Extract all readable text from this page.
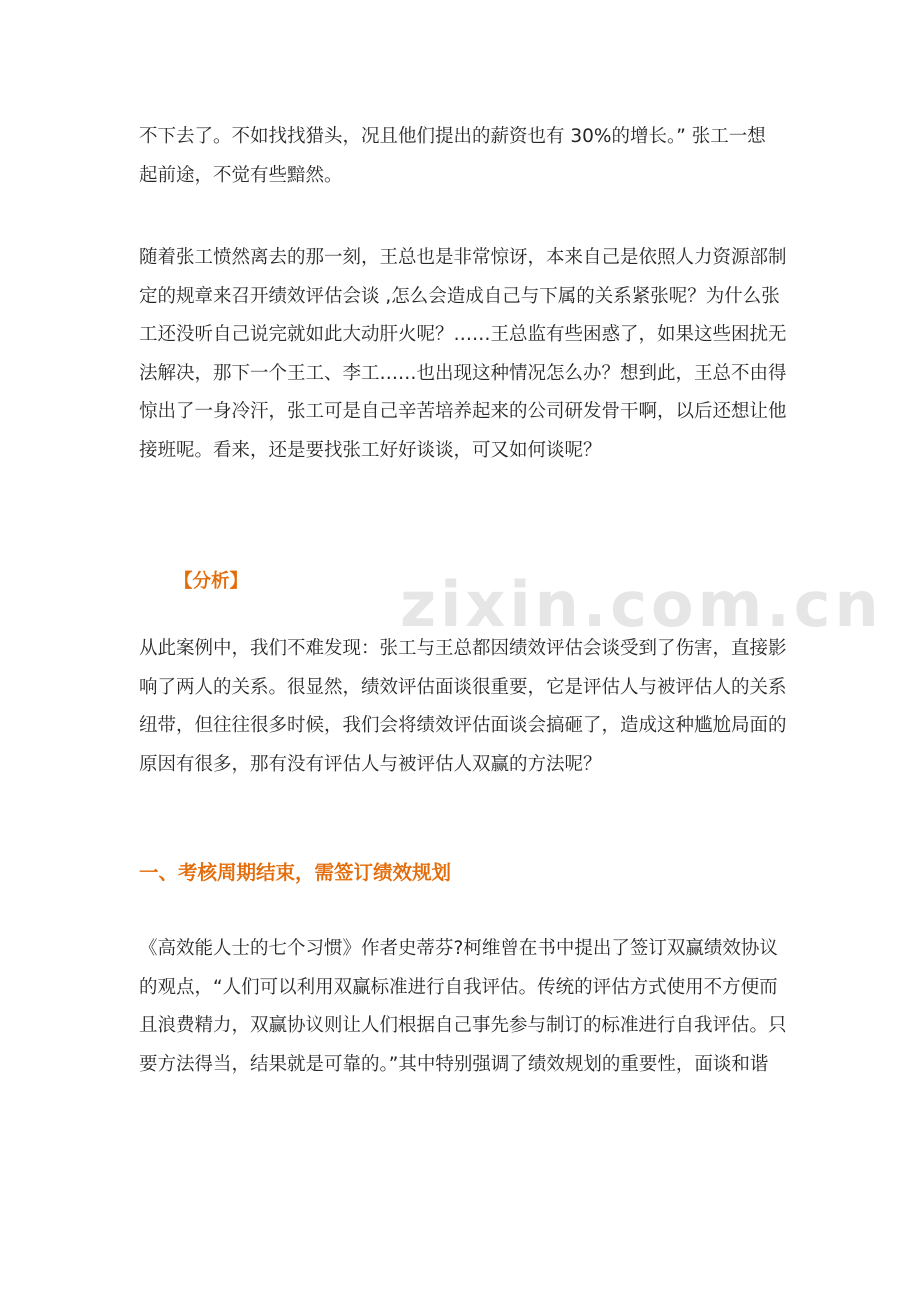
zixin.com.cn

不下去了。不如找找猎头，况且他们提出的薪资也有 30%的增长。” 张工一想
起前途，不觉有些黯然。

随着张工愤然离去的那一刻，王总也是非常惊讶，本来自己是依照人力资源部制
定的规章来召开绩效评估会谈 ,怎么会造成自己与下属的关系紧张呢？为什么张
工还没听自己说完就如此大动肝火呢？……王总监有些困惑了，如果这些困扰无
法解决，那下一个王工、李工……也出现这种情况怎么办？想到此，王总不由得
惊出了一身冷汗，张工可是自己辛苦培养起来的公司研发骨干啊，以后还想让他
接班呢。看来，还是要找张工好好谈谈，可又如何谈呢？

【分析】

从此案例中，我们不难发现：张工与王总都因绩效评估会谈受到了伤害，直接影
响了两人的关系。很显然，绩效评估面谈很重要，它是评估人与被评估人的关系
纽带，但往往很多时候，我们会将绩效评估面谈会搞砸了，造成这种尴尬局面的
原因有很多，那有没有评估人与被评估人双赢的方法呢？

一、考核周期结束，需签订绩效规划

《高效能人士的七个习惯》作者史蒂芬?柯维曾在书中提出了签订双赢绩效协议
的观点，“人们可以利用双赢标准进行自我评估。传统的评估方式使用不方便而
且浪费精力，双赢协议则让人们根据自己事先参与制订的标准进行自我评估。只
要方法得当，结果就是可靠的。”其中特别强调了绩效规划的重要性，面谈和谐
